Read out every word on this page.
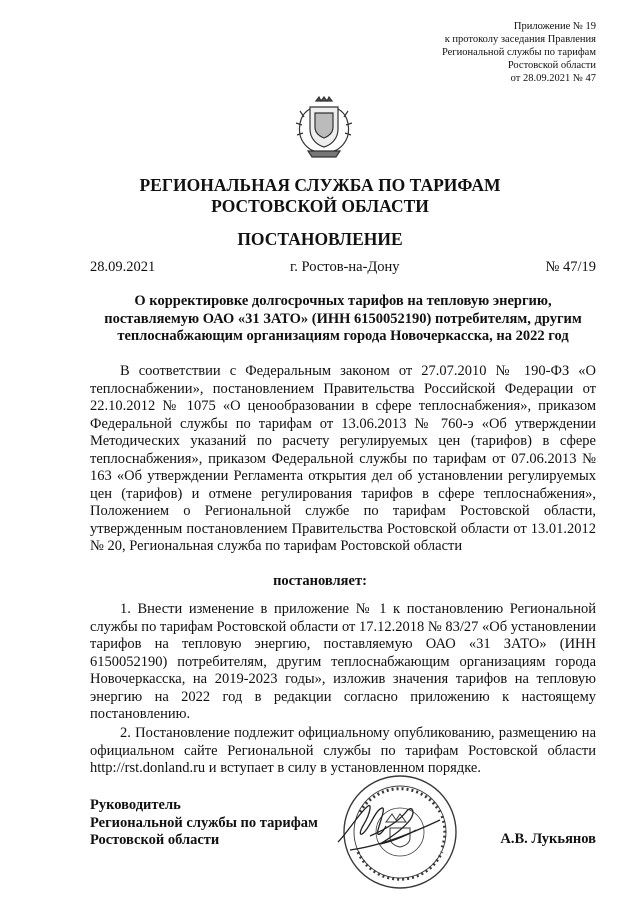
Приложение № 19
к протоколу заседания Правления
Региональной службы по тарифам
Ростовской области
от 28.09.2021 № 47
РЕГИОНАЛЬНАЯ СЛУЖБА ПО ТАРИФАМ
РОСТОВСКОЙ ОБЛАСТИ
ПОСТАНОВЛЕНИЕ
28.09.2021	г. Ростов-на-Дону	№ 47/19
О корректировке долгосрочных тарифов на тепловую энергию, поставляемую ОАО «31 ЗАТО» (ИНН 6150052190) потребителям, другим теплоснабжающим организациям города Новочеркасска, на 2022 год
В соответствии с Федеральным законом от 27.07.2010 № 190-ФЗ «О теплоснабжении», постановлением Правительства Российской Федерации от 22.10.2012 № 1075 «О ценообразовании в сфере теплоснабжения», приказом Федеральной службы по тарифам от 13.06.2013 № 760-э «Об утверждении Методических указаний по расчету регулируемых цен (тарифов) в сфере теплоснабжения», приказом Федеральной службы по тарифам от 07.06.2013 № 163 «Об утверждении Регламента открытия дел об установлении регулируемых цен (тарифов) и отмене регулирования тарифов в сфере теплоснабжения», Положением о Региональной службе по тарифам Ростовской области, утвержденным постановлением Правительства Ростовской области от 13.01.2012 № 20, Региональная служба по тарифам Ростовской области
постановляет:
1. Внести изменение в приложение № 1 к постановлению Региональной службы по тарифам Ростовской области от 17.12.2018 № 83/27 «Об установлении тарифов на тепловую энергию, поставляемую ОАО «31 ЗАТО» (ИНН 6150052190) потребителям, другим теплоснабжающим организациям города Новочеркасска, на 2019-2023 годы», изложив значения тарифов на тепловую энергию на 2022 год в редакции согласно приложению к настоящему постановлению.
2. Постановление подлежит официальному опубликованию, размещению на официальном сайте Региональной службы по тарифам Ростовской области http://rst.donland.ru и вступает в силу в установленном порядке.
Руководитель
Региональной службы по тарифам
Ростовской области	А.В. Лукьянов
